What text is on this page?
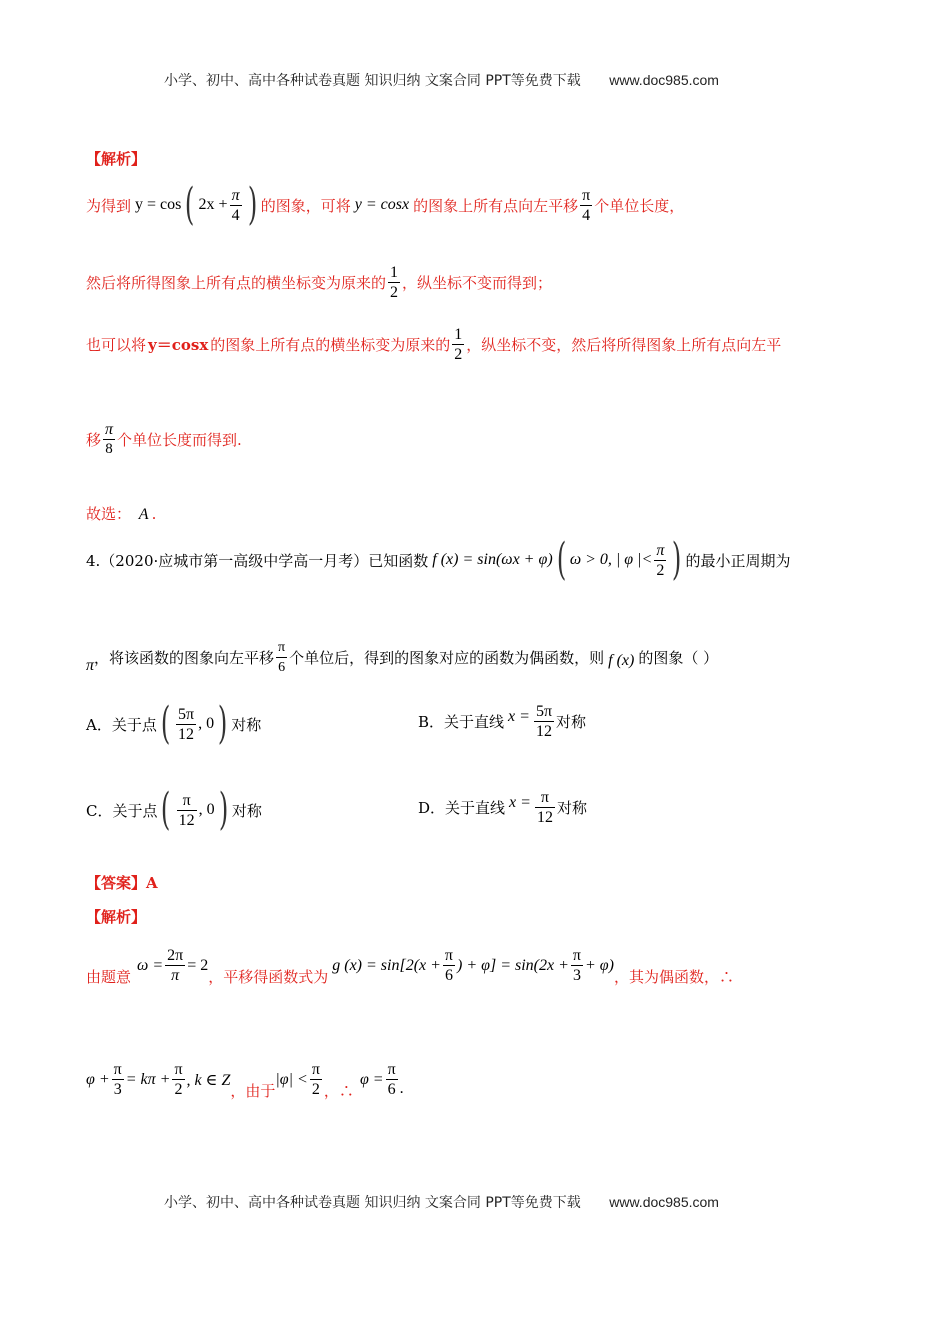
小学、初中、高中各种试卷真题 知识归纳 文案合同 PPT等免费下载 www.doc985.com
【解析】
为得到 y = cos ( $2x + \frac{\pi}{4}$ ) 的图象，可将 y = cosx 的图象上所有点向左平移 $\frac{\pi}{4}$ 个单位长度，
然后将所得图象上所有点的横坐标变为原来的 $\frac{1}{2}$ ，纵坐标不变而得到；
也可以将 y＝cosx 的图象上所有点的横坐标变为原来的 $\frac{1}{2}$ ，纵坐标不变，然后将所得图象上所有点向左平
移 $\frac{\pi}{8}$ 个单位长度而得到.
故选： A .
4.（2020·应城市第一高级中学高一月考）已知函数 f (x) = sin(ωx + φ) ( ω > 0, | φ |< $\frac{\pi}{2}$ ) 的最小正周期为
π ，将该函数的图象向左平移 $\frac{\pi}{6}$ 个单位后，得到的图象对应的函数为偶函数，则 f (x) 的图象（ ）
A．关于点 ( $\frac{5\pi}{12}$ , 0 ) 对称	B．关于直线 $x = \frac{5\pi}{12}$ 对称
C．关于点 ( $\frac{\pi}{12}$ , 0 ) 对称	D．关于直线 $x = \frac{\pi}{12}$ 对称
【答案】A
【解析】
由题意
$\omega = \frac{2\pi}{\pi} = 2$
，平移得函数式为
g $(x) = \sin[2(x + \frac{\pi}{6}$ ) + $\varphi] = \sin(2x + \frac{\pi}{3} + \varphi)$
，其为偶函数，∴
$\varphi + \frac{\pi}{3} = k\pi + \frac{\pi}{2}$ , k ∈ Z
，由于
$|\varphi| < \frac{\pi}{2}$ ，∴
$\varphi = \frac{\pi}{6}$ .
小学、初中、高中各种试卷真题 知识归纳 文案合同 PPT等免费下载 www.doc985.com
